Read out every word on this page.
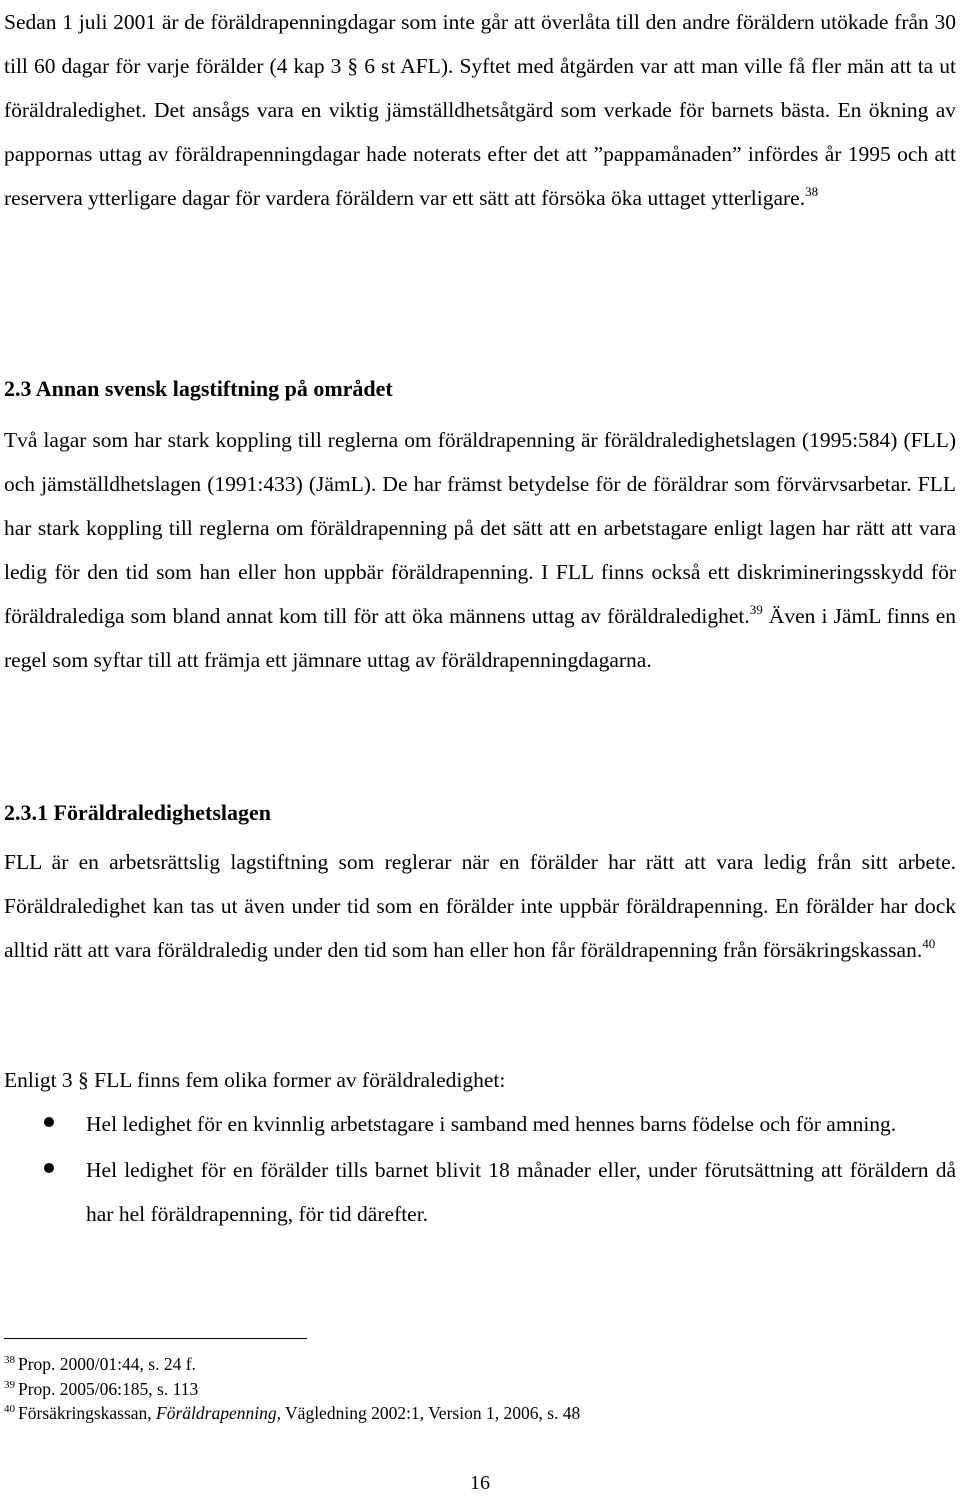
Sedan 1 juli 2001 är de föräldrapenningdagar som inte går att överlåta till den andre föräldern utökade från 30 till 60 dagar för varje förälder (4 kap 3 § 6 st AFL). Syftet med åtgärden var att man ville få fler män att ta ut föräldraledighet. Det ansågs vara en viktig jämställdhetsåtgärd som verkade för barnets bästa. En ökning av pappornas uttag av föräldrapenningdagar hade noterats efter det att ”pappamånaden” infördes år 1995 och att reservera ytterligare dagar för vardera föräldern var ett sätt att försöka öka uttaget ytterligare.$^{38}$

2.3 Annan svensk lagstiftning på området

Två lagar som har stark koppling till reglerna om föräldrapenning är föräldraledighetslagen (1995:584) (FLL) och jämställdhetslagen (1991:433) (JämL). De har främst betydelse för de föräldrar som förvärvsarbetar. FLL har stark koppling till reglerna om föräldrapenning på det sätt att en arbetstagare enligt lagen har rätt att vara ledig för den tid som han eller hon uppbär föräldrapenning. I FLL finns också ett diskrimineringsskydd för föräldralediga som bland annat kom till för att öka männens uttag av föräldraledighet.$^{39}$ Även i JämL finns en regel som syftar till att främja ett jämnare uttag av föräldrapenningdagarna.

2.3.1 Föräldraledighetslagen

FLL är en arbetsrättslig lagstiftning som reglerar när en förälder har rätt att vara ledig från sitt arbete. Föräldraledighet kan tas ut även under tid som en förälder inte uppbär föräldrapenning. En förälder har dock alltid rätt att vara föräldraledig under den tid som han eller hon får föräldrapenning från försäkringskassan.$^{40}$

Enligt 3 § FLL finns fem olika former av föräldraledighet:

Hel ledighet för en kvinnlig arbetstagare i samband med hennes barns födelse och för amning.
Hel ledighet för en förälder tills barnet blivit 18 månader eller, under förutsättning att föräldern då har hel föräldrapenning, för tid därefter.
$^{38}$ Prop. 2000/01:44, s. 24 f.
$^{39}$ Prop. 2005/06:185, s. 113
$^{40}$ Försäkringskassan, Föräldrapenning, Vägledning 2002:1, Version 1, 2006, s. 48
16
